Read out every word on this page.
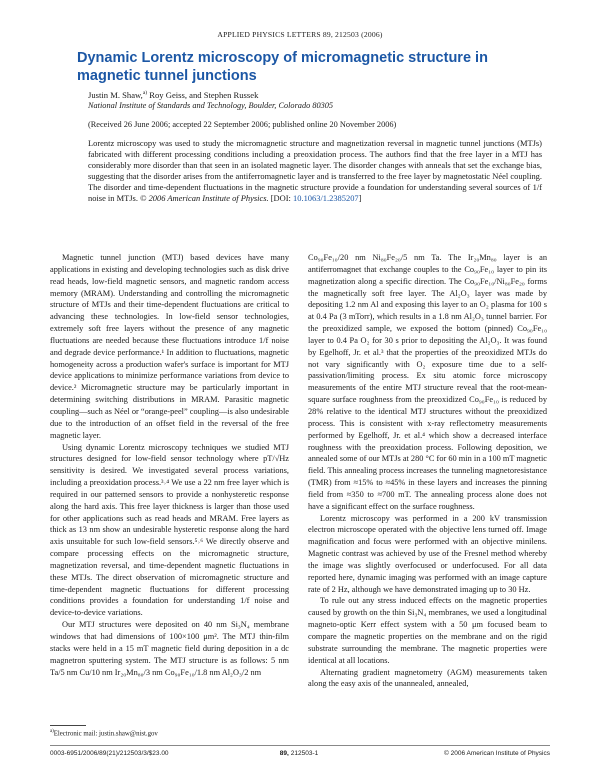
APPLIED PHYSICS LETTERS 89, 212503 (2006)
Dynamic Lorentz microscopy of micromagnetic structure in magnetic tunnel junctions
Justin M. Shaw,$^{a)}$ Roy Geiss, and Stephen Russek
National Institute of Standards and Technology, Boulder, Colorado 80305
(Received 26 June 2006; accepted 22 September 2006; published online 20 November 2006)
Lorentz microscopy was used to study the micromagnetic structure and magnetization reversal in magnetic tunnel junctions (MTJs) fabricated with different processing conditions including a preoxidation process. The authors find that the free layer in a MTJ has considerably more disorder than that seen in an isolated magnetic layer. The disorder changes with anneals that set the exchange bias, suggesting that the disorder arises from the antiferromagnetic layer and is transferred to the free layer by magnetostatic Néel coupling. The disorder and time-dependent fluctuations in the magnetic structure provide a foundation for understanding several sources of 1/f noise in MTJs. © 2006 American Institute of Physics. [DOI: 10.1063/1.2385207]

Magnetic tunnel junction (MTJ) based devices have many applications in existing and developing technologies such as disk drive read heads, low-field magnetic sensors, and magnetic random access memory (MRAM). Understanding and controlling the micromagnetic structure of MTJs and their time-dependent fluctuations are critical to advancing these technologies. In low-field sensor technologies, extremely soft free layers without the presence of any magnetic fluctuations are needed because these fluctuations introduce 1/f noise and degrade device performance.¹ In addition to fluctuations, magnetic homogeneity across a production wafer's surface is important for MTJ device applications to minimize performance variations from device to device.² Micromagnetic structure may be particularly important in determining switching distributions in MRAM. Parasitic magnetic coupling—such as Néel or “orange-peel” coupling—is also undesirable due to the introduction of an offset field in the reversal of the free magnetic layer.

Using dynamic Lorentz microscopy techniques we studied MTJ structures designed for low-field sensor technology where pT/√Hz sensitivity is desired. We investigated several process variations, including a preoxidation process.³˒⁴ We use a 22 nm free layer which is required in our patterned sensors to provide a nonhysteretic response along the hard axis. This free layer thickness is larger than those used for other applications such as read heads and MRAM. Free layers as thick as 13 nm show an undesirable hysteretic response along the hard axis unsuitable for such low-field sensors.⁵˒⁶ We directly observe and compare processing effects on the micromagnetic structure, magnetization reversal, and time-dependent magnetic fluctuations in these MTJs. The direct observation of micromagnetic structure and time-dependent magnetic fluctuations for different processing conditions provides a foundation for understanding 1/f noise and device-to-device variations.

Our MTJ structures were deposited on 40 nm Si₃N₄ membrane windows that had dimensions of 100×100 μm². The MTJ thin-film stacks were held in a 15 mT magnetic field during deposition in a dc magnetron sputtering system. The MTJ structure is as follows: 5 nm Ta/5 nm Cu/10 nm Ir₂₀Mn₈₀/3 nm Co₉₀Fe₁₀/1.8 nm Al₂O₃/2 nm

Co₉₀Fe₁₀/20 nm Ni₈₀Fe₂₀/5 nm Ta. The Ir₂₀Mn₈₀ layer is an antiferromagnet that exchange couples to the Co₉₀Fe₁₀ layer to pin its magnetization along a specific direction. The Co₉₀Fe₁₀/Ni₈₀Fe₂₀ forms the magnetically soft free layer. The Al₂O₃ layer was made by depositing 1.2 nm Al and exposing this layer to an O₂ plasma for 100 s at 0.4 Pa (3 mTorr), which results in a 1.8 nm Al₂O₃ tunnel barrier. For the preoxidized sample, we exposed the bottom (pinned) Co₉₀Fe₁₀ layer to 0.4 Pa O₂ for 30 s prior to depositing the Al₂O₃. It was found by Egelhoff, Jr. et al.³ that the properties of the preoxidized MTJs do not vary significantly with O₂ exposure time due to a self-passivation/limiting process. Ex situ atomic force microscopy measurements of the entire MTJ structure reveal that the root-mean-square surface roughness from the preoxidized Co₉₀Fe₁₀ is reduced by 28% relative to the identical MTJ structures without the preoxidized process. This is consistent with x-ray reflectometry measurements performed by Egelhoff, Jr. et al.⁴ which show a decreased interface roughness with the preoxidation process. Following deposition, we annealed some of our MTJs at 280 °C for 60 min in a 100 mT magnetic field. This annealing process increases the tunneling magnetoresistance (TMR) from ≈15% to ≈45% in these layers and increases the pinning field from ≈350 to ≈700 mT. The annealing process alone does not have a significant effect on the surface roughness.

Lorentz microscopy was performed in a 200 kV transmission electron microscope operated with the objective lens turned off. Image magnification and focus were performed with an objective minilens. Magnetic contrast was achieved by use of the Fresnel method whereby the image was slightly overfocused or underfocused. For all data reported here, dynamic imaging was performed with an image capture rate of 2 Hz, although we have demonstrated imaging up to 30 Hz.

To rule out any stress induced effects on the magnetic properties caused by growth on the thin Si₃N₄ membranes, we used a longitudinal magneto-optic Kerr effect system with a 50 μm focused beam to compare the magnetic properties on the membrane and on the rigid substrate surrounding the membrane. The magnetic properties were identical at all locations.

Alternating gradient magnetometry (AGM) measurements taken along the easy axis of the unannealed, annealed,

$^{a)}$Electronic mail: justin.shaw@nist.gov
0003-6951/2006/89(21)/212503/3/$23.00	89, 212503-1	© 2006 American Institute of Physics
